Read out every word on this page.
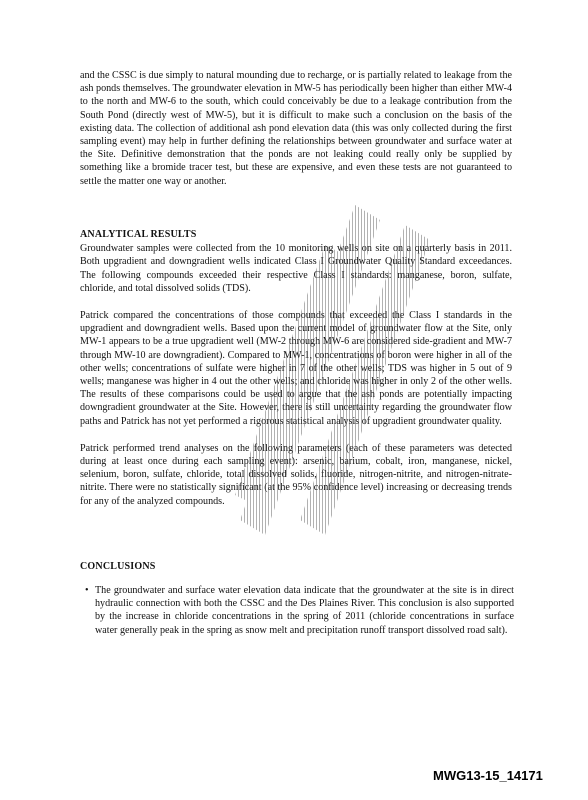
and the CSSC is due simply to natural mounding due to recharge, or is partially related to leakage from the ash ponds themselves. The groundwater elevation in MW-5 has periodically been higher than either MW-4 to the north and MW-6 to the south, which could conceivably be due to a leakage contribution from the South Pond (directly west of MW-5), but it is difficult to make such a conclusion on the basis of the existing data. The collection of additional ash pond elevation data (this was only collected during the first sampling event) may help in further defining the relationships between groundwater and surface water at the Site. Definitive demonstration that the ponds are not leaking could really only be supplied by something like a bromide tracer test, but these are expensive, and even these tests are not guaranteed to settle the matter one way or another.

ANALYTICAL RESULTS

Groundwater samples were collected from the 10 monitoring wells on site on a quarterly basis in 2011. Both upgradient and downgradient wells indicated Class I Groundwater Quality Standard exceedances. The following compounds exceeded their respective Class I standards: manganese, boron, sulfate, chloride, and total dissolved solids (TDS).

Patrick compared the concentrations of those compounds that exceeded the Class I standards in the upgradient and downgradient wells. Based upon the current model of groundwater flow at the Site, only MW-1 appears to be a true upgradient well (MW-2 through MW-6 are considered side-gradient and MW-7 through MW-10 are downgradient). Compared to MW-1, concentrations of boron were higher in all of the other wells; concentrations of sulfate were higher in 7 of the other wells; TDS was higher in 5 out of 9 wells; manganese was higher in 4 out the other wells; and chloride was higher in only 2 of the other wells. The results of these comparisons could be used to argue that the ash ponds are potentially impacting downgradient groundwater at the Site. However, there is still uncertainty regarding the groundwater flow paths and Patrick has not yet performed a rigorous statistical analysis of upgradient groundwater quality.

Patrick performed trend analyses on the following parameters (each of these parameters was detected during at least once during each sampling event): arsenic, barium, cobalt, iron, manganese, nickel, selenium, boron, sulfate, chloride, total dissolved solids, fluoride, nitrogen-nitrite, and nitrogen-nitrate-nitrite. There were no statistically significant (at the 95% confidence level) increasing or decreasing trends for any of the analyzed compounds.

CONCLUSIONS
• The groundwater and surface water elevation data indicate that the groundwater at the site is in direct hydraulic connection with both the CSSC and the Des Plaines River. This conclusion is also supported by the increase in chloride concentrations in the spring of 2011 (chloride concentrations in surface water generally peak in the spring as snow melt and precipitation runoff transport dissolved road salt).

MWG13-15_14171
